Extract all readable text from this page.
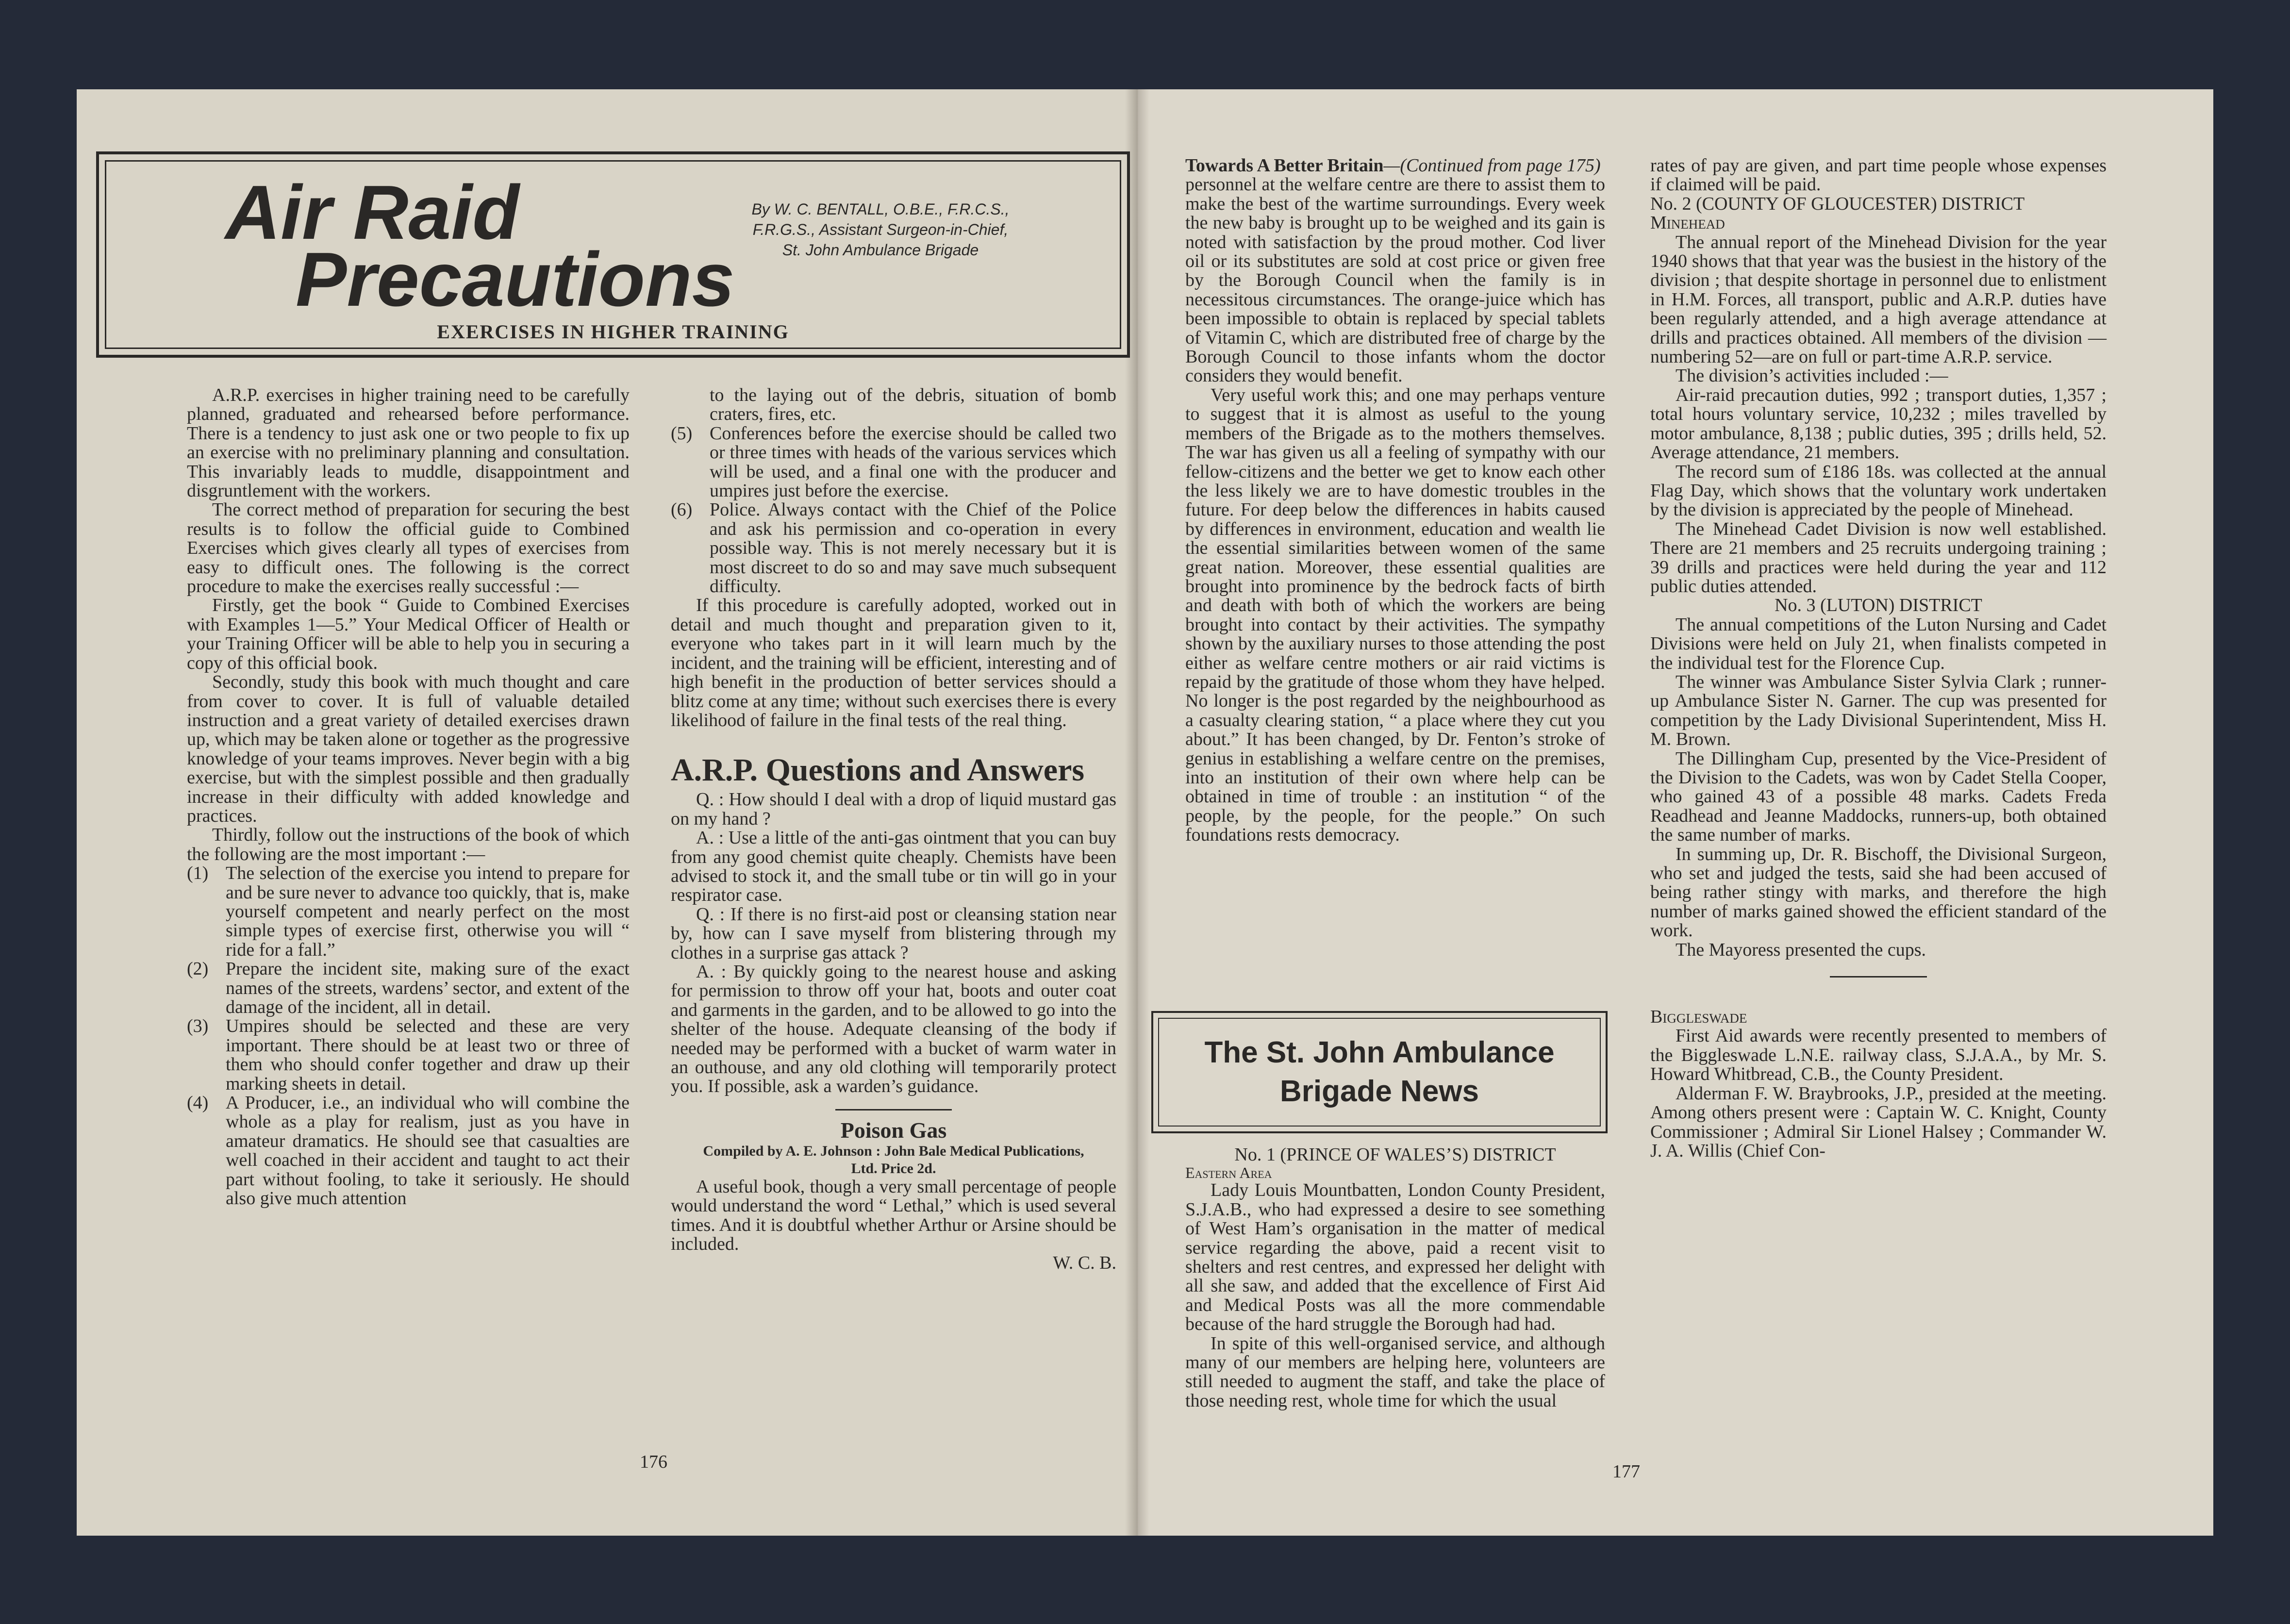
Air Raid
Precautions
By W. C. BENTALL, O.B.E., F.R.C.S.,
F.R.G.S., Assistant Surgeon-in-Chief,
St. John Ambulance Brigade
EXERCISES IN HIGHER TRAINING

A.R.P. exercises in higher training need to be carefully planned, graduated and rehearsed before performance. There is a tendency to just ask one or two people to fix up an exercise with no preliminary planning and consultation. This invariably leads to muddle, disappointment and disgruntlement with the workers.

The correct method of preparation for securing the best results is to follow the official guide to Combined Exercises which gives clearly all types of exercises from easy to difficult ones. The following is the correct procedure to make the exercises really successful :—

Firstly, get the book “ Guide to Combined Exercises with Examples 1—5.” Your Medical Officer of Health or your Training Officer will be able to help you in securing a copy of this official book.

Secondly, study this book with much thought and care from cover to cover. It is full of valuable detailed instruction and a great variety of detailed exercises drawn up, which may be taken alone or together as the progressive knowledge of your teams improves. Never begin with a big exercise, but with the simplest possible and then gradually increase in their difficulty with added knowledge and practices.

Thirdly, follow out the instructions of the book of which the following are the most important :—

(1) The selection of the exercise you intend to prepare for and be sure never to advance too quickly, that is, make yourself competent and nearly perfect on the most simple types of exercise first, otherwise you will “ ride for a fall.”

(2) Prepare the incident site, making sure of the exact names of the streets, wardens’ sector, and extent of the damage of the incident, all in detail.

(3) Umpires should be selected and these are very important. There should be at least two or three of them who should confer together and draw up their marking sheets in detail.

(4) A Producer, i.e., an individual who will combine the whole as a play for realism, just as you have in amateur dramatics. He should see that casualties are well coached in their accident and taught to act their part without fooling, to take it seriously. He should also give much attention

to the laying out of the debris, situation of bomb craters, fires, etc.

(5) Conferences before the exercise should be called two or three times with heads of the various services which will be used, and a final one with the producer and umpires just before the exercise.

(6) Police. Always contact with the Chief of the Police and ask his permission and co-operation in every possible way. This is not merely necessary but it is most discreet to do so and may save much subsequent difficulty.

If this procedure is carefully adopted, worked out in detail and much thought and preparation given to it, everyone who takes part in it will learn much by the incident, and the training will be efficient, interesting and of high benefit in the production of better services should a blitz come at any time; without such exercises there is every likelihood of failure in the final tests of the real thing.

A.R.P. Questions and Answers

Q. : How should I deal with a drop of liquid mustard gas on my hand ?

A. : Use a little of the anti-gas ointment that you can buy from any good chemist quite cheaply. Chemists have been advised to stock it, and the small tube or tin will go in your respirator case.

Q. : If there is no first-aid post or cleansing station near by, how can I save myself from blistering through my clothes in a surprise gas attack ?

A. : By quickly going to the nearest house and asking for permission to throw off your hat, boots and outer coat and garments in the garden, and to be allowed to go into the shelter of the house. Adequate cleansing of the body if needed may be performed with a bucket of warm water in an outhouse, and any old clothing will temporarily protect you. If possible, ask a warden’s guidance.

Poison Gas
Compiled by A. E. Johnson : John Bale Medical Publications, Ltd. Price 2d.

A useful book, though a very small percentage of people would understand the word “ Lethal,” which is used several times. And it is doubtful whether Arthur or Arsine should be included.

W. C. B.
176

Towards A Better Britain—(Continued from page 175)

personnel at the welfare centre are there to assist them to make the best of the wartime surroundings. Every week the new baby is brought up to be weighed and its gain is noted with satisfaction by the proud mother. Cod liver oil or its substitutes are sold at cost price or given free by the Borough Council when the family is in necessitous circumstances. The orange-juice which has been impossible to obtain is replaced by special tablets of Vitamin C, which are distributed free of charge by the Borough Council to those infants whom the doctor considers they would benefit.

Very useful work this; and one may perhaps venture to suggest that it is almost as useful to the young members of the Brigade as to the mothers themselves. The war has given us all a feeling of sympathy with our fellow-citizens and the better we get to know each other the less likely we are to have domestic troubles in the future. For deep below the differences in habits caused by differences in environment, education and wealth lie the essential similarities between women of the same great nation. Moreover, these essential qualities are brought into prominence by the bedrock facts of birth and death with both of which the workers are being brought into contact by their activities. The sympathy shown by the auxiliary nurses to those attending the post either as welfare centre mothers or air raid victims is repaid by the gratitude of those whom they have helped. No longer is the post regarded by the neighbourhood as a casualty clearing station, “ a place where they cut you about.” It has been changed, by Dr. Fenton’s stroke of genius in establishing a welfare centre on the premises, into an institution of their own where help can be obtained in time of trouble : an institution “ of the people, by the people, for the people.” On such foundations rests democracy.

The St. John Ambulance
Brigade News
No. 1 (PRINCE OF WALES’S) DISTRICT
Eastern Area

Lady Louis Mountbatten, London County President, S.J.A.B., who had expressed a desire to see something of West Ham’s organisation in the matter of medical service regarding the above, paid a recent visit to shelters and rest centres, and expressed her delight with all she saw, and added that the excellence of First Aid and Medical Posts was all the more commendable because of the hard struggle the Borough had had.

In spite of this well-organised service, and although many of our members are helping here, volunteers are still needed to augment the staff, and take the place of those needing rest, whole time for which the usual

rates of pay are given, and part time people whose expenses if claimed will be paid.

No. 2 (COUNTY OF GLOUCESTER) DISTRICT
Minehead

The annual report of the Minehead Division for the year 1940 shows that that year was the busiest in the history of the division ; that despite shortage in personnel due to enlistment in H.M. Forces, all transport, public and A.R.P. duties have been regularly attended, and a high average attendance at drills and practices obtained. All members of the division —numbering 52—are on full or part-time A.R.P. service.

The division’s activities included :—

Air-raid precaution duties, 992 ; transport duties, 1,357 ; total hours voluntary service, 10,232 ; miles travelled by motor ambulance, 8,138 ; public duties, 395 ; drills held, 52. Average attendance, 21 members.

The record sum of £186 18s. was collected at the annual Flag Day, which shows that the voluntary work undertaken by the division is appreciated by the people of Minehead.

The Minehead Cadet Division is now well established. There are 21 members and 25 recruits undergoing training ; 39 drills and practices were held during the year and 112 public duties attended.

No. 3 (LUTON) DISTRICT

The annual competitions of the Luton Nursing and Cadet Divisions were held on July 21, when finalists competed in the individual test for the Florence Cup.

The winner was Ambulance Sister Sylvia Clark ; runner-up Ambulance Sister N. Garner. The cup was presented for competition by the Lady Divisional Superintendent, Miss H. M. Brown.

The Dillingham Cup, presented by the Vice-President of the Division to the Cadets, was won by Cadet Stella Cooper, who gained 43 of a possible 48 marks. Cadets Freda Readhead and Jeanne Maddocks, runners-up, both obtained the same number of marks.

In summing up, Dr. R. Bischoff, the Divisional Surgeon, who set and judged the tests, said she had been accused of being rather stingy with marks, and therefore the high number of marks gained showed the efficient standard of the work.

The Mayoress presented the cups.

Biggleswade

First Aid awards were recently presented to members of the Biggleswade L.N.E. railway class, S.J.A.A., by Mr. S. Howard Whitbread, C.B., the County President.

Alderman F. W. Braybrooks, J.P., presided at the meeting. Among others present were : Captain W. C. Knight, County Commissioner ; Admiral Sir Lionel Halsey ; Commander W. J. A. Willis (Chief Con-

177
